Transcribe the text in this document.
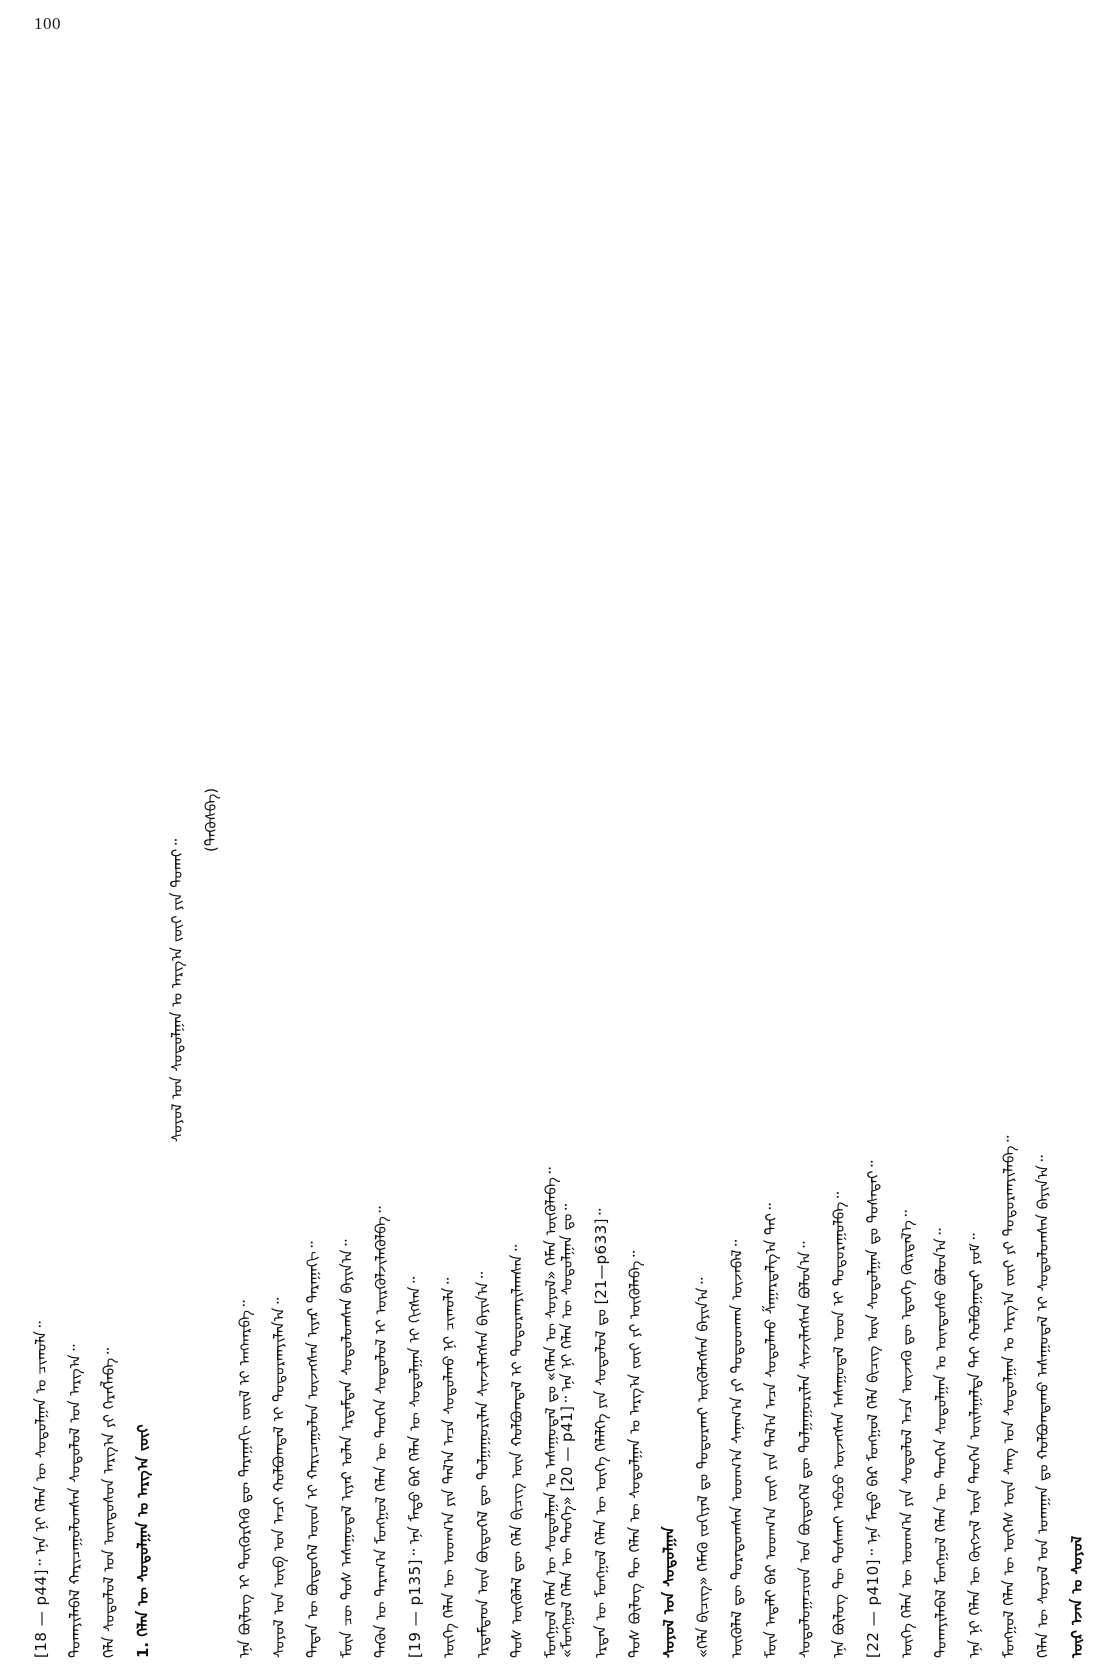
100
ᠦᠷ ᠡᠵᠡᠨ ᠤ ᠰᠤᠶᠤᠯ
ᠬᠡᠯᠡᠨ ᠦ ᠰᠤᠶᠤᠯ ᠤᠨ ᠤᠬᠠᠭᠠᠨ ᠳᠤ ᠬᠤᠯᠪᠤᠭᠳᠠᠬᠤ ᠠᠰᠠᠭᠤᠳᠠᠯ ᠢ ᠰᠤᠳᠤᠯᠤᠭᠰᠠᠨ ᠪᠠᠶᠢᠨ᠎ᠠ᠃
ᠮᠤᠩᠭᠤᠯ ᠬᠡᠯᠡᠨ ᠦ ᠦᠭᠡᠰ ᠦᠨ ᠰᠠᠩ ᠤᠨ ᠰᠤᠳᠤᠯᠭᠠᠨ ᠤ ᠠᠷᠭ᠎ᠠ ᠵᠦᠢ ᠶᠢ ᠲᠤᠳᠤᠷᠬᠠᠶᠢᠯᠠᠪᠠ᠃
ᠡᠨᠡ ᠨᠢ ᠬᠡᠯᠡᠨ ᠦ ᠬᠦᠭᠵᠢᠯ ᠦᠨ ᠲᠡᠦᠬᠡᠨ ᠤᠢᠯᠠᠭᠠᠯᠲᠠ ᠲᠠᠢ ᠬᠤᠯᠪᠤᠭᠠᠲᠠᠢ ᠶᠤᠮ᠃
ᠲᠤᠬᠠᠶᠢᠯᠠᠪᠠᠯ ᠮᠤᠩᠭᠤᠯ ᠬᠡᠯᠡᠨ ᠦ ᠲᠡᠦᠬᠡᠨ ᠰᠤᠳᠤᠯᠭᠠᠨ ᠤ ᠦᠨᠳᠦᠰᠦ ᠪᠤᠯᠤᠨ᠎ᠠ᠃
ᠦᠭᠡ ᠬᠡᠯᠡᠨ ᠦ ᠤᠳᠬ᠎ᠠ ᠶᠢᠨ ᠰᠤᠳᠤᠯᠤᠯ ᠠᠴᠠ ᠦᠵᠡᠬᠦ ᠳᠦ ᠡᠳᠦᠭᠡ ᠬᠦᠷᠲᠡᠯ᠎ᠡ᠃
[22 — p410]᠃ ᠡᠨᠡ ᠮᠡᠲᠦ ᠪᠡᠷ ᠮᠤᠩᠭᠤᠯ ᠬᠡᠯᠡ ᠪᠢᠴᠢᠭ ᠦᠨ ᠰᠤᠳᠤᠯᠭᠠᠨ ᠳᠤ ᠲᠤᠰᠠᠲᠠᠢ᠃
ᠡᠨᠡ ᠪᠦᠯᠦᠭ ᠲᠦ ᠲᠤᠰᠬᠠᠢ ᠠᠪᠴᠤ ᠦᠵᠡᠭᠰᠡᠨ ᠠᠰᠠᠭᠤᠳᠠᠯ ᠤᠳ ᠢ ᠲᠤᠳᠤᠷᠠᠭᠤᠯᠪᠠ᠃
ᠰᠤᠳᠤᠯᠤᠭᠠᠴᠢᠳ ᠤᠨ ᠪᠦᠲᠦᠭᠡᠯ ᠳᠦ ᠲᠤᠯᠭᠠᠭᠤᠷᠢᠯᠠᠨ ᠰᠢᠨᠵᠢᠯᠡᠭᠰᠡᠨ ᠪᠤᠯᠤᠨ᠎ᠠ᠃
ᠮᠦᠨ ᠠᠳᠠᠯᠢ ᠪᠡᠷ ᠤᠳᠬ᠎ᠠ ᠵᠦᠢ ᠶᠢᠨ ᠲᠠᠯ᠎ᠠ ᠠᠴᠠ ᠰᠤᠳᠤᠯᠬᠤ ᠱᠠᠭᠠᠷᠳᠠᠯᠭ᠎ᠠ ᠲᠠᠢ᠃
ᠦᠭᠦᠯᠡᠯ ᠳᠦ ᠲᠤᠷᠠᠳᠤᠭᠰᠠᠨ ᠤᠳᠬ᠎ᠠ ᠰᠠᠨᠠᠭ᠎ᠠ ᠶᠢ ᠲᠤᠳᠤᠳᠬᠠᠨ ᠦᠵᠡᠪᠡᠯ᠃
«ᠬᠡᠯᠡ ᠪᠢᠴᠢᠭ» ᠬᠡᠮᠡᠬᠦ ᠵᠤᠬᠢᠶᠠᠯ ᠳᠤ ᠲᠤᠳᠤᠷᠬᠠᠢ ᠦᠭᠦᠯᠡᠭᠰᠡᠨ ᠪᠠᠶᠢᠨ᠎ᠠ᠃
ᠰᠤᠶᠤᠯ ᠤᠨ ᠰᠤᠳᠤᠯᠭᠠᠨ
ᠲᠤᠰ ᠪᠦᠯᠦᠭ ᠲᠦ ᠬᠡᠯᠡᠨ ᠦ ᠰᠤᠳᠤᠯᠭᠠᠨ ᠤ ᠠᠷᠭ᠎ᠠ ᠵᠦᠢ ᠶᠢ ᠦᠭᠦᠯᠡᠪᠡ᠃
ᠡᠷᠲᠡᠨ ᠦ ᠮᠤᠩᠭᠤᠯ ᠬᠡᠯᠡᠨ ᠦ ᠦᠭᠡ ᠬᠡᠯᠡᠯᠭᠡ ᠶᠢᠨ ᠰᠤᠳᠤᠯᠤᠯ ᠳᠤ [21—p633]᠃
«ᠮᠤᠩᠭᠤᠯ ᠬᠡᠯᠡᠨ ᠦ ᠲᠡᠦᠬᠡ» [20 — p41]᠃ ᠡᠨᠡ ᠨᠢ ᠬᠡᠯᠡᠨ ᠦ ᠰᠤᠳᠤᠯᠭᠠᠨ ᠳᠤ᠃
ᠮᠤᠩᠭᠤᠯ ᠬᠡᠯᠡᠨ ᠦ ᠰᠤᠳᠤᠯᠭᠠᠨ ᠤ ᠠᠰᠠᠭᠤᠳᠠᠯ ᠳᠤ «ᠬᠡᠯᠡᠨ ᠦ ᠰᠤᠶᠤᠯ» ᠬᠡᠮᠡᠨ ᠦᠭᠦᠯᠡᠪᠡ᠃
ᠲᠤᠰ ᠦᠭᠦᠯᠡᠯ ᠳᠦ ᠬᠡᠯᠡ ᠪᠢᠴᠢᠭ ᠦᠨ ᠬᠤᠯᠪᠤᠭᠳᠠᠯ ᠢ ᠲᠤᠳᠤᠷᠬᠠᠶᠢᠯᠠᠭᠰᠠᠨ᠃
ᠡᠷᠳᠡᠮᠲᠡᠳ ᠦᠨ ᠪᠦᠲᠦᠭᠡᠯ ᠳᠦ ᠲᠤᠯᠭᠠᠭᠤᠷᠢᠯᠠᠨ ᠰᠢᠨᠵᠢᠯᠡᠭᠰᠡᠨ ᠪᠠᠶᠢᠨ᠎ᠠ᠃
ᠦᠭᠡ ᠬᠡᠯᠡᠨ ᠦ ᠤᠳᠬ᠎ᠠ ᠶᠢᠨ ᠲᠠᠯ᠎ᠠ ᠠᠴᠠ ᠰᠤᠳᠤᠯᠬᠤ ᠨᠢ ᠴᠢᠬᠤᠯᠠ᠃
[19 — p135]᠃ ᠡᠨᠡ ᠮᠡᠲᠦ ᠪᠡᠷ ᠬᠡᠯᠡᠨ ᠦ ᠰᠤᠳᠤᠯᠭᠠᠨ ᠢ ᠬᠢᠭᠰᠡᠨ᠃
ᠲᠡᠭᠦᠨ ᠦ ᠳᠠᠷᠠᠭ᠎ᠠ ᠮᠤᠩᠭᠤᠯ ᠬᠡᠯᠡᠨ ᠦ ᠲᠡᠦᠬᠡᠨ ᠰᠤᠳᠤᠯᠤᠯ ᠢ ᠦᠷᠭᠦᠯᠵᠢᠯᠡᠭᠦᠯᠪᠡ᠃
ᠮᠦᠨ ᠴᠦ ᠲᠤᠰ ᠠᠰᠠᠭᠤᠳᠠᠯ ᠢᠶᠠᠷ ᠤᠯᠠᠨ ᠡᠷᠳᠡᠮᠲᠡᠨ ᠰᠤᠳᠤᠯᠤᠭᠰᠠᠨ ᠪᠠᠶᠢᠨ᠎ᠠ᠃
ᠲᠡᠳᠡᠨ ᠦ ᠪᠦᠲᠦᠭᠡᠯ ᠦᠳ ᠢ ᠬᠠᠷᠢᠴᠠᠭᠤᠯᠤᠨ ᠦᠵᠡᠭᠰᠡᠨ ᠢᠶᠡᠷ ᠳᠠᠷᠠᠭᠠᠬᠢ᠃
ᠰᠤᠶᠤᠯ ᠤᠨ ᠦᠪ ᠤᠨ ᠠᠴᠢ ᠬᠤᠯᠪᠤᠭᠳᠠᠯ ᠢ ᠲᠤᠳᠤᠷᠬᠠᠶᠢᠯᠠᠨ᠎ᠠ᠃
ᠡᠨᠡ ᠪᠦᠯᠦᠭ ᠢ ᠳᠦᠭᠦᠷᠭᠡᠬᠦ ᠳᠦ ᠳᠠᠷᠠᠭᠠᠬᠢ ᠵᠦᠢᠯ ᠢ ᠠᠩᠬᠠᠷᠪᠠ᠃
(ᠲᠡᠭᠦᠰᠪᠡ)
ᠰᠤᠶᠤᠯ ᠤᠨ ᠰᠤᠳᠤᠯᠭᠠᠨ ᠤ ᠠᠷᠭ᠎ᠠ ᠵᠦᠢ ᠶᠢᠨ ᠲᠤᠬᠠᠢ᠃
1. ᠬᠡᠯᠡᠨ ᠦ ᠰᠤᠳᠤᠯᠭᠠᠨ ᠤ ᠠᠷᠭ᠎ᠠ ᠵᠦᠢ
ᠬᠡᠯᠡ ᠰᠤᠳᠤᠯᠤᠯ ᠤᠨ ᠦᠨᠳᠦᠰᠦᠨ ᠠᠷᠭ᠎ᠠ ᠶᠢ ᠬᠡᠷᠡᠭᠯᠡᠪᠡ᠃
ᠲᠤᠬᠠᠶᠢᠯᠠᠪᠠᠯ ᠬᠠᠷᠢᠴᠠᠭᠤᠯᠤᠭᠰᠠᠨ ᠰᠤᠳᠤᠯᠤᠯ ᠤᠨ ᠠᠷᠭ᠎ᠠ᠃
[18 — p44]᠃ ᠡᠨᠡ ᠨᠢ ᠬᠡᠯᠡᠨ ᠦ ᠰᠤᠳᠤᠯᠭᠠᠨ ᠤ ᠴᠢᠬᠤᠯᠠ᠃
